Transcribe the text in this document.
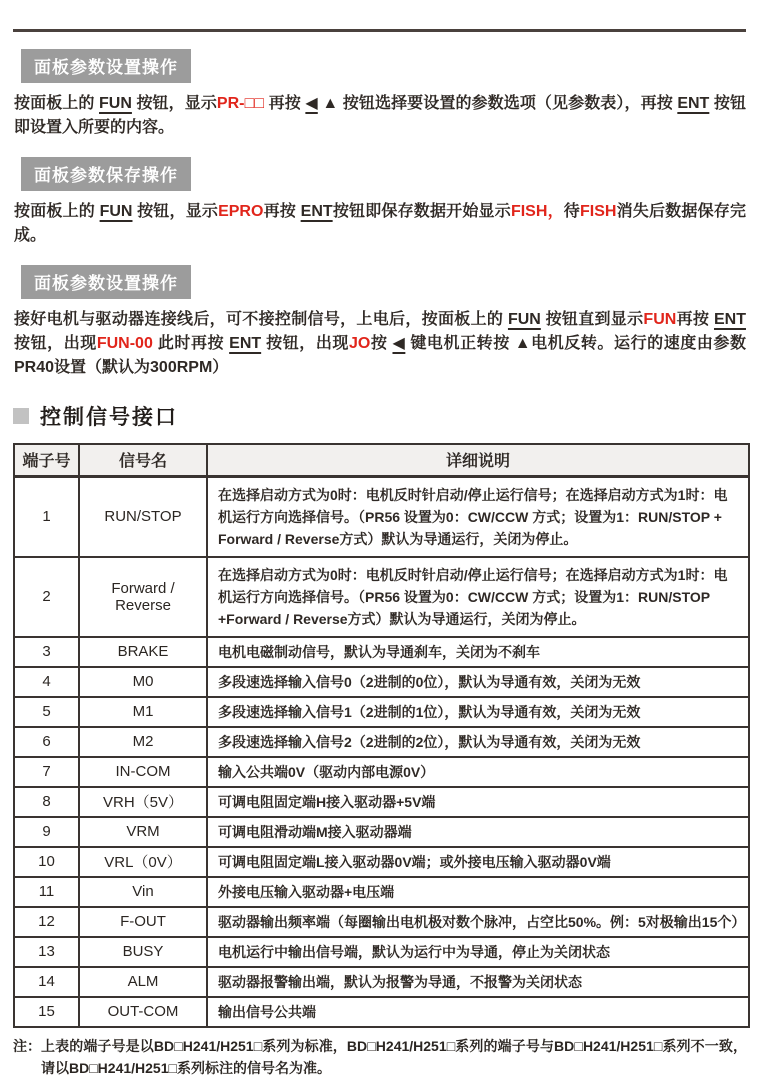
面板参数设置操作
按面板上的 FUN 按钮，显示PR-□□ 再按 ◀ ▲ 按钮选择要设置的参数选项（见参数表），再按 ENT 按钮即设置入所要的内容。
面板参数保存操作
按面板上的 FUN 按钮，显示EPRO再按 ENT按钮即保存数据开始显示FISH，待FISH消失后数据保存完成。
面板参数设置操作
接好电机与驱动器连接线后，可不接控制信号，上电后，按面板上的 FUN 按钮直到显示FUN再按 ENT按钮，出现FUN-00 此时再按 ENT 按钮，出现JO按 ◀ 键电机正转按 ▲电机反转。运行的速度由参数PR40设置（默认为300RPM）
控制信号接口
端子号	信号名	详细说明
1	RUN/STOP	在选择启动方式为0时：电机反时针启动/停止运行信号；在选择启动方式为1时：电机运行方向选择信号。（PR56 设置为0：CW/CCW 方式；设置为1：RUN/STOP + Forward / Reverse方式）默认为导通运行，关闭为停止。
2	Forward / Reverse	在选择启动方式为0时：电机反时针启动/停止运行信号；在选择启动方式为1时：电机运行方向选择信号。（PR56 设置为0：CW/CCW 方式；设置为1：RUN/STOP +Forward / Reverse方式）默认为导通运行，关闭为停止。
3	BRAKE	电机电磁制动信号，默认为导通刹车，关闭为不刹车
4	M0	多段速选择输入信号0（2进制的0位），默认为导通有效，关闭为无效
5	M1	多段速选择输入信号1（2进制的1位），默认为导通有效，关闭为无效
6	M2	多段速选择输入信号2（2进制的2位），默认为导通有效，关闭为无效
7	IN-COM	输入公共端0V（驱动内部电源0V）
8	VRH（5V）	可调电阻固定端H接入驱动器+5V端
9	VRM	可调电阻滑动端M接入驱动器端
10	VRL（0V）	可调电阻固定端L接入驱动器0V端；或外接电压输入驱动器0V端
11	Vin	外接电压输入驱动器+电压端
12	F-OUT	驱动器输出频率端（每圈输出电机极对数个脉冲，占空比50%。例：5对极输出15个）
13	BUSY	电机运行中输出信号端，默认为运行中为导通，停止为关闭状态
14	ALM	驱动器报警输出端，默认为报警为导通，不报警为关闭状态
15	OUT-COM	输出信号公共端
注： 上表的端子号是以BD□H241/H251□系列为标准，BD□H241/H251□系列的端子号与BD□H241/H251□系列不一致，请以BD□H241/H251□系列标注的信号名为准。
